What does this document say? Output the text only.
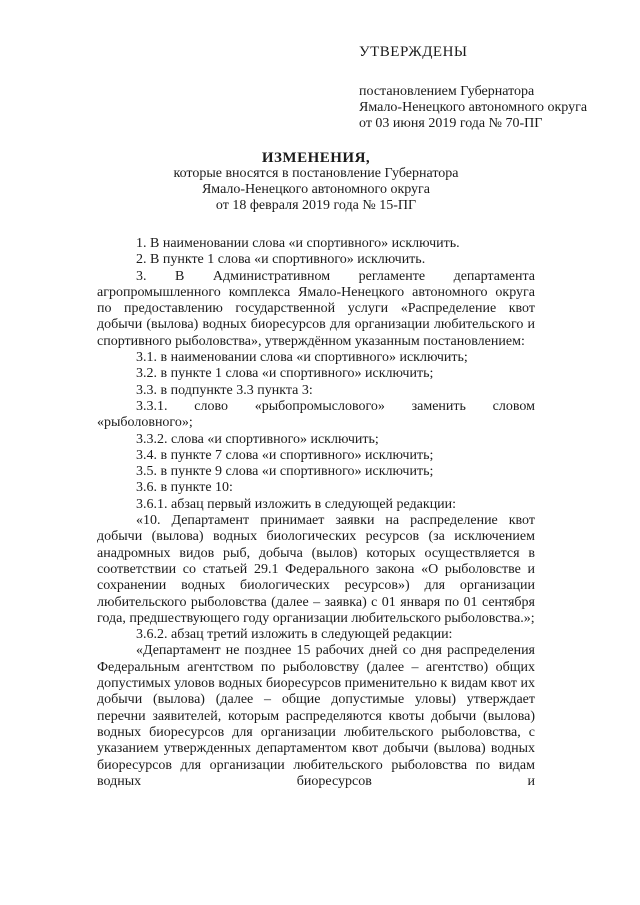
УТВЕРЖДЕНЫ
постановлением Губернатора
Ямало-Ненецкого автономного округа
от 03 июня 2019 года № 70-ПГ
ИЗМЕНЕНИЯ,
которые вносятся в постановление Губернатора
Ямало-Ненецкого автономного округа
от 18 февраля 2019 года № 15-ПГ

1. В наименовании слова «и спортивного» исключить.

2. В пункте 1 слова «и спортивного» исключить.

3. В Административном регламенте департамента агропромышленного комплекса Ямало-Ненецкого автономного округа по предоставлению государственной услуги «Распределение квот добычи (вылова) водных биоресурсов для организации любительского и спортивного рыболовства», утверждённом указанным постановлением:

3.1. в наименовании слова «и спортивного» исключить;

3.2. в пункте 1 слова «и спортивного» исключить;

3.3. в подпункте 3.3 пункта 3:

3.3.1. слово «рыбопромыслового» заменить словом «рыболовного»;

3.3.2. слова «и спортивного» исключить;

3.4. в пункте 7 слова «и спортивного» исключить;

3.5. в пункте 9 слова «и спортивного» исключить;

3.6. в пункте 10:

3.6.1. абзац первый изложить в следующей редакции:

«10. Департамент принимает заявки на распределение квот добычи (вылова) водных биологических ресурсов (за исключением анадромных видов рыб, добыча (вылов) которых осуществляется в соответствии со статьей 29.1 Федерального закона «О рыболовстве и сохранении водных биологических ресурсов») для организации любительского рыболовства (далее – заявка) с 01 января по 01 сентября года, предшествующего году организации любительского рыболовства.»;

3.6.2. абзац третий изложить в следующей редакции:

«Департамент не позднее 15 рабочих дней со дня распределения Федеральным агентством по рыболовству (далее – агентство) общих допустимых уловов водных биоресурсов применительно к видам квот их добычи (вылова) (далее – общие допустимые уловы) утверждает перечни заявителей, которым распределяются квоты добычи (вылова) водных биоресурсов для организации любительского рыболовства, с указанием утвержденных департаментом квот добычи (вылова) водных биоресурсов для организации любительского рыболовства по видам водных биоресурсов и
